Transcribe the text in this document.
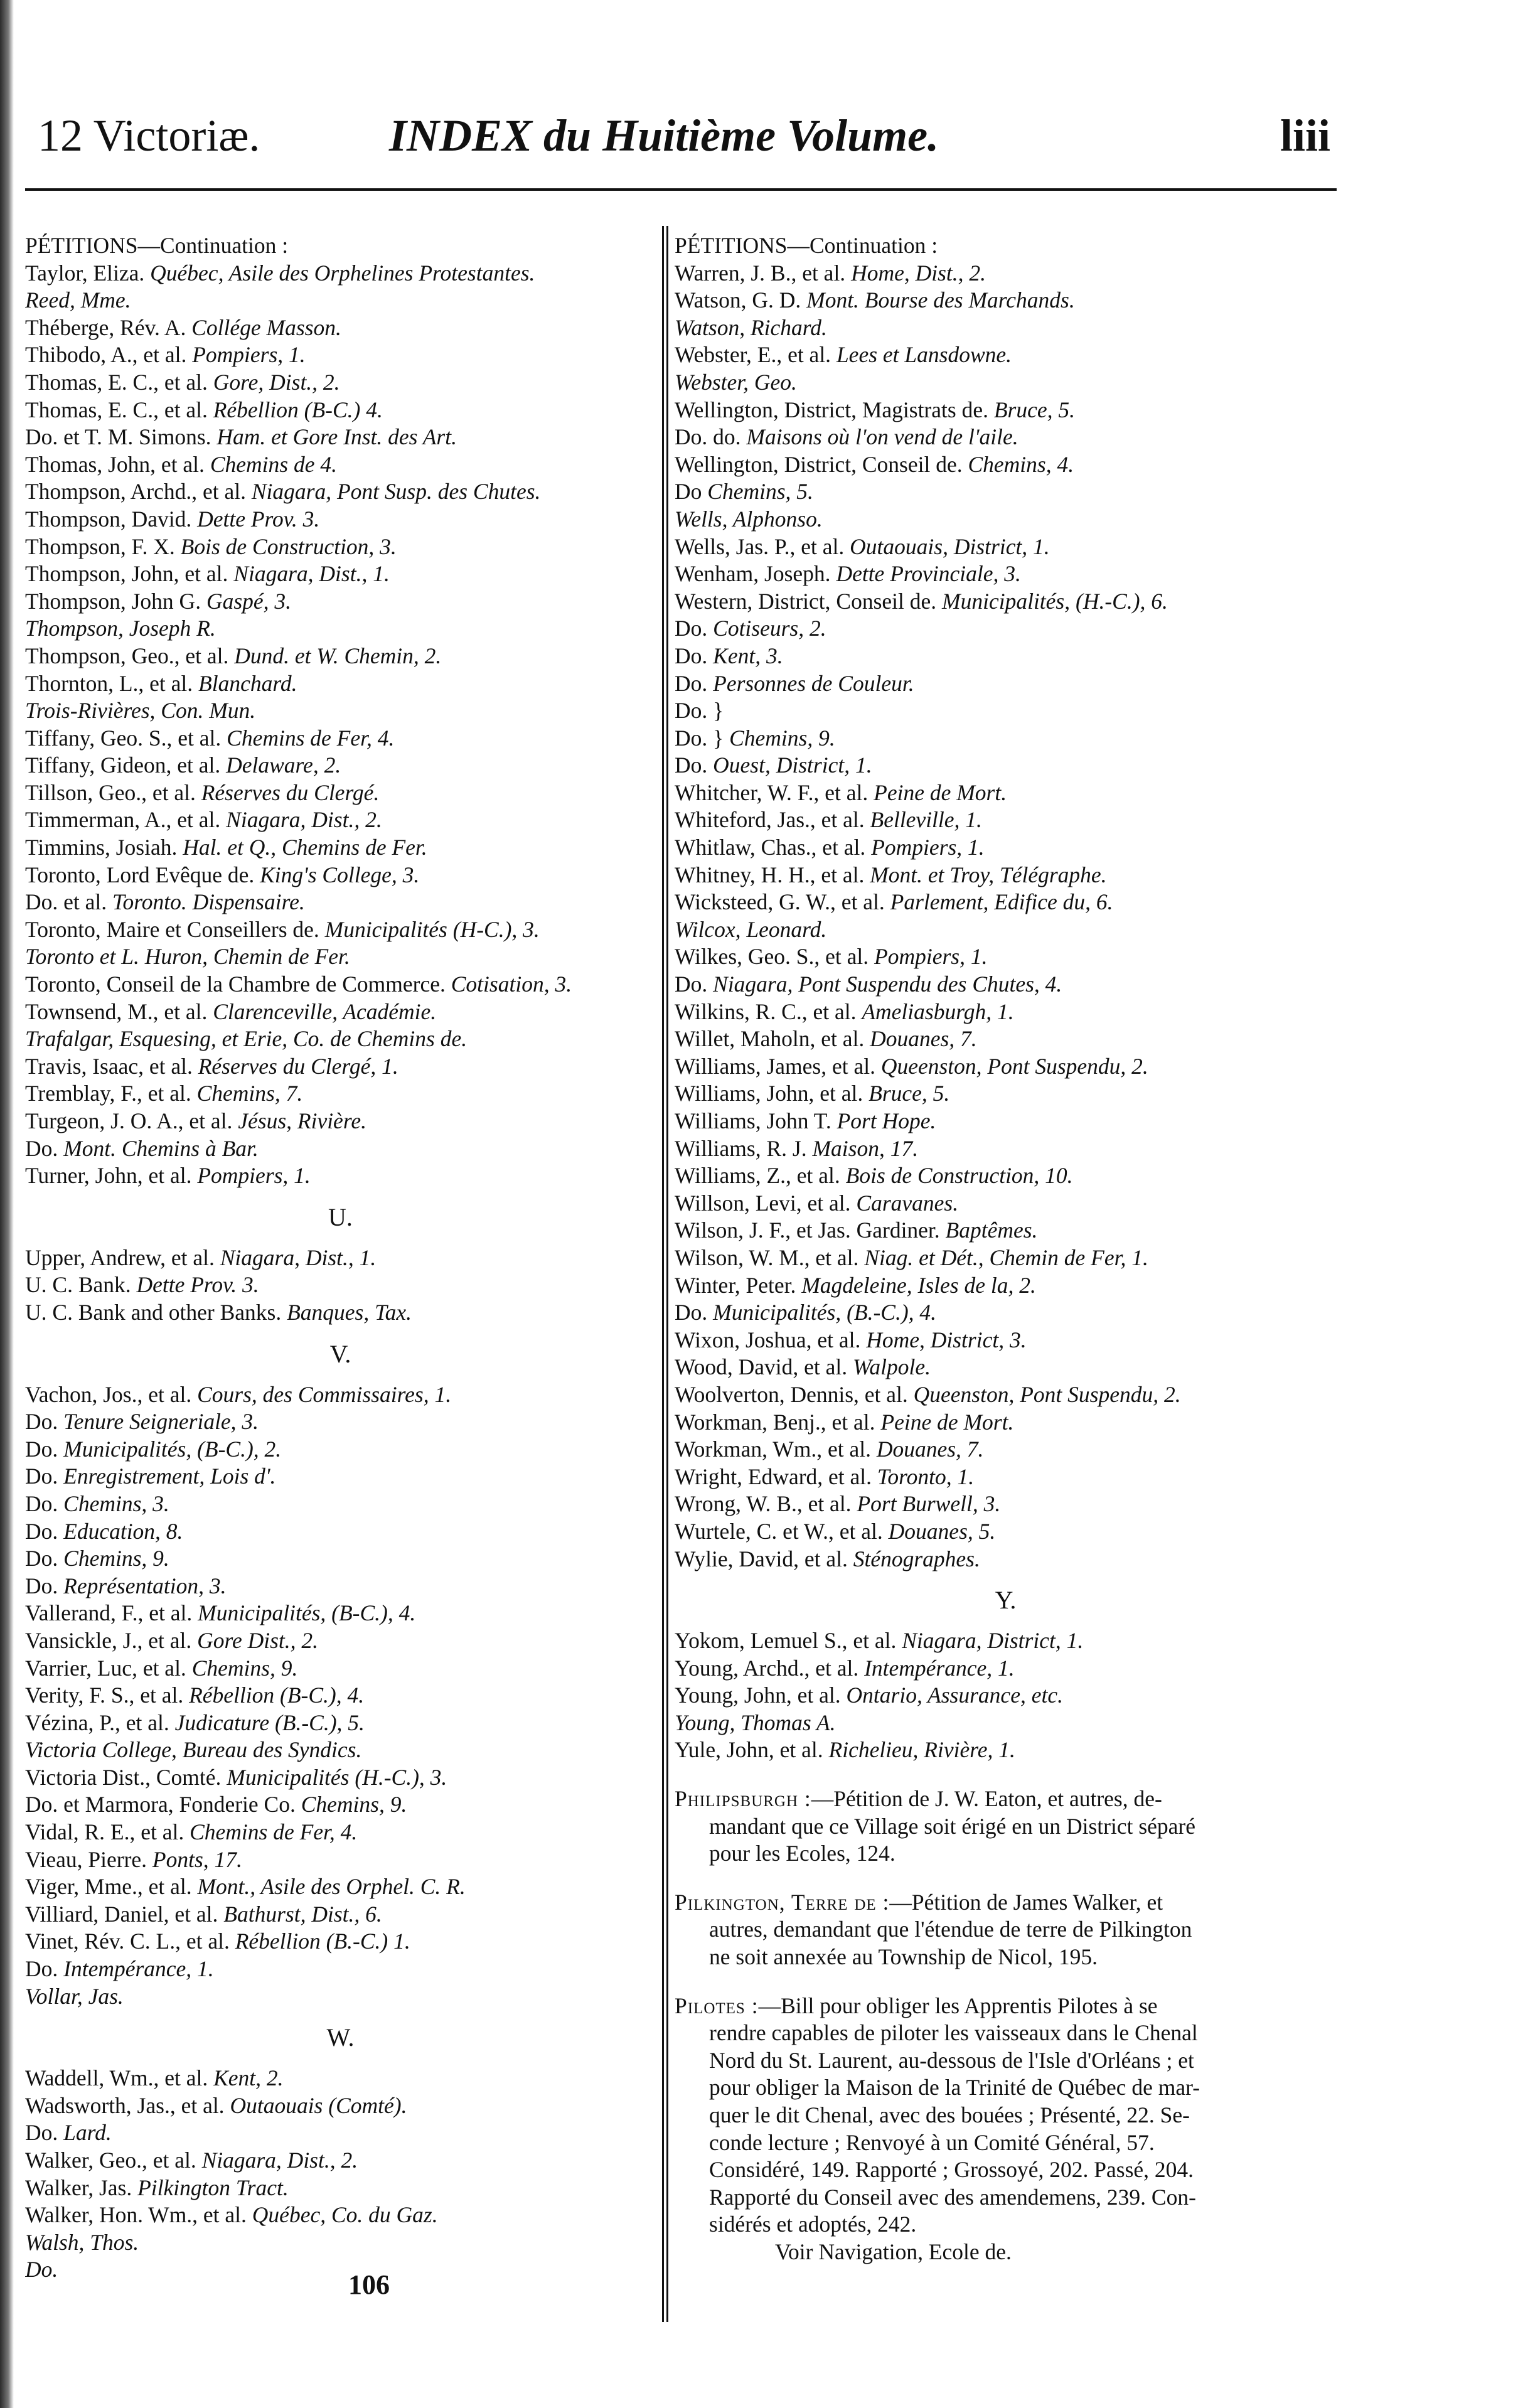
12 Victoriæ.	INDEX du Huitième Volume.	liii
PÉTITIONS—Continuation :
Taylor, Eliza. Québec, Asile des Orphelines Protestantes.
Reed, Mme.
Théberge, Rév. A. Collége Masson.
Thibodo, A., et al. Pompiers, 1.
Thomas, E. C., et al. Gore, Dist., 2.
Thomas, E. C., et al. Rébellion (B-C.) 4.
Do. et T. M. Simons. Ham. et Gore Inst. des Art.
Thomas, John, et al. Chemins de 4.
Thompson, Archd., et al. Niagara, Pont Susp. des Chutes.
Thompson, David. Dette Prov. 3.
Thompson, F. X. Bois de Construction, 3.
Thompson, John, et al. Niagara, Dist., 1.
Thompson, John G. Gaspé, 3.
Thompson, Joseph R.
Thompson, Geo., et al. Dund. et W. Chemin, 2.
Thornton, L., et al. Blanchard.
Trois-Rivières, Con. Mun.
Tiffany, Geo. S., et al. Chemins de Fer, 4.
Tiffany, Gideon, et al. Delaware, 2.
Tillson, Geo., et al. Réserves du Clergé.
Timmerman, A., et al. Niagara, Dist., 2.
Timmins, Josiah. Hal. et Q., Chemins de Fer.
Toronto, Lord Evêque de. King's College, 3.
Do. et al. Toronto. Dispensaire.
Toronto, Maire et Conseillers de. Municipalités (H-C.), 3.
Toronto et L. Huron, Chemin de Fer.
Toronto, Conseil de la Chambre de Commerce. Cotisation, 3.
Townsend, M., et al. Clarenceville, Académie.
Trafalgar, Esquesing, et Erie, Co. de Chemins de.
Travis, Isaac, et al. Réserves du Clergé, 1.
Tremblay, F., et al. Chemins, 7.
Turgeon, J. O. A., et al. Jésus, Rivière.
Do. Mont. Chemins à Bar.
Turner, John, et al. Pompiers, 1.
U.
Upper, Andrew, et al. Niagara, Dist., 1.
U. C. Bank. Dette Prov. 3.
U. C. Bank and other Banks. Banques, Tax.
V.
Vachon, Jos., et al. Cours, des Commissaires, 1.
Do. Tenure Seigneriale, 3.
Do. Municipalités, (B-C.), 2.
Do. Enregistrement, Lois d'.
Do. Chemins, 3.
Do. Education, 8.
Do. Chemins, 9.
Do. Représentation, 3.
Vallerand, F., et al. Municipalités, (B-C.), 4.
Vansickle, J., et al. Gore Dist., 2.
Varrier, Luc, et al. Chemins, 9.
Verity, F. S., et al. Rébellion (B-C.), 4.
Vézina, P., et al. Judicature (B.-C.), 5.
Victoria College, Bureau des Syndics.
Victoria Dist., Comté. Municipalités (H.-C.), 3.
Do. et Marmora, Fonderie Co. Chemins, 9.
Vidal, R. E., et al. Chemins de Fer, 4.
Vieau, Pierre. Ponts, 17.
Viger, Mme., et al. Mont., Asile des Orphel. C. R.
Villiard, Daniel, et al. Bathurst, Dist., 6.
Vinet, Rév. C. L., et al. Rébellion (B.-C.) 1.
Do. Intempérance, 1.
Vollar, Jas.
W.
Waddell, Wm., et al. Kent, 2.
Wadsworth, Jas., et al. Outaouais (Comté).
Do. Lard.
Walker, Geo., et al. Niagara, Dist., 2.
Walker, Jas. Pilkington Tract.
Walker, Hon. Wm., et al. Québec, Co. du Gaz.
Walsh, Thos.
Do.	106
PÉTITIONS—Continuation :
Warren, J. B., et al. Home, Dist., 2.
Watson, G. D. Mont. Bourse des Marchands.
Watson, Richard.
Webster, E., et al. Lees et Lansdowne.
Webster, Geo.
Wellington, District, Magistrats de. Bruce, 5.
Do. do. Maisons où l'on vend de l'aile.
Wellington, District, Conseil de. Chemins, 4.
Do Chemins, 5.
Wells, Alphonso.
Wells, Jas. P., et al. Outaouais, District, 1.
Wenham, Joseph. Dette Provinciale, 3.
Western, District, Conseil de. Municipalités, (H.-C.), 6.
Do. Cotiseurs, 2.
Do. Kent, 3.
Do. Personnes de Couleur.
Do. }
Do. } Chemins, 9.
Do. Ouest, District, 1.
Whitcher, W. F., et al. Peine de Mort.
Whiteford, Jas., et al. Belleville, 1.
Whitlaw, Chas., et al. Pompiers, 1.
Whitney, H. H., et al. Mont. et Troy, Télégraphe.
Wicksteed, G. W., et al. Parlement, Edifice du, 6.
Wilcox, Leonard.
Wilkes, Geo. S., et al. Pompiers, 1.
Do. Niagara, Pont Suspendu des Chutes, 4.
Wilkins, R. C., et al. Ameliasburgh, 1.
Willet, Maholn, et al. Douanes, 7.
Williams, James, et al. Queenston, Pont Suspendu, 2.
Williams, John, et al. Bruce, 5.
Williams, John T. Port Hope.
Williams, R. J. Maison, 17.
Williams, Z., et al. Bois de Construction, 10.
Willson, Levi, et al. Caravanes.
Wilson, J. F., et Jas. Gardiner. Baptêmes.
Wilson, W. M., et al. Niag. et Dét., Chemin de Fer, 1.
Winter, Peter. Magdeleine, Isles de la, 2.
Do. Municipalités, (B.-C.), 4.
Wixon, Joshua, et al. Home, District, 3.
Wood, David, et al. Walpole.
Woolverton, Dennis, et al. Queenston, Pont Suspendu, 2.
Workman, Benj., et al. Peine de Mort.
Workman, Wm., et al. Douanes, 7.
Wright, Edward, et al. Toronto, 1.
Wrong, W. B., et al. Port Burwell, 3.
Wurtele, C. et W., et al. Douanes, 5.
Wylie, David, et al. Sténographes.
Y.
Yokom, Lemuel S., et al. Niagara, District, 1.
Young, Archd., et al. Intempérance, 1.
Young, John, et al. Ontario, Assurance, etc.
Young, Thomas A.
Yule, John, et al. Richelieu, Rivière, 1.
Philipsburgh :—Pétition de J. W. Eaton, et autres, de-
mandant que ce Village soit érigé en un District séparé
pour les Ecoles, 124.
Pilkington, Terre de :—Pétition de James Walker, et
autres, demandant que l'étendue de terre de Pilkington
ne soit annexée au Township de Nicol, 195.
Pilotes :—Bill pour obliger les Apprentis Pilotes à se
rendre capables de piloter les vaisseaux dans le Chenal
Nord du St. Laurent, au-dessous de l'Isle d'Orléans ; et
pour obliger la Maison de la Trinité de Québec de mar-
quer le dit Chenal, avec des bouées ; Présenté, 22. Se-
conde lecture ; Renvoyé à un Comité Général, 57.
Considéré, 149. Rapporté ; Grossoyé, 202. Passé, 204.
Rapporté du Conseil avec des amendemens, 239. Con-
sidérés et adoptés, 242.
Voir Navigation, Ecole de.
